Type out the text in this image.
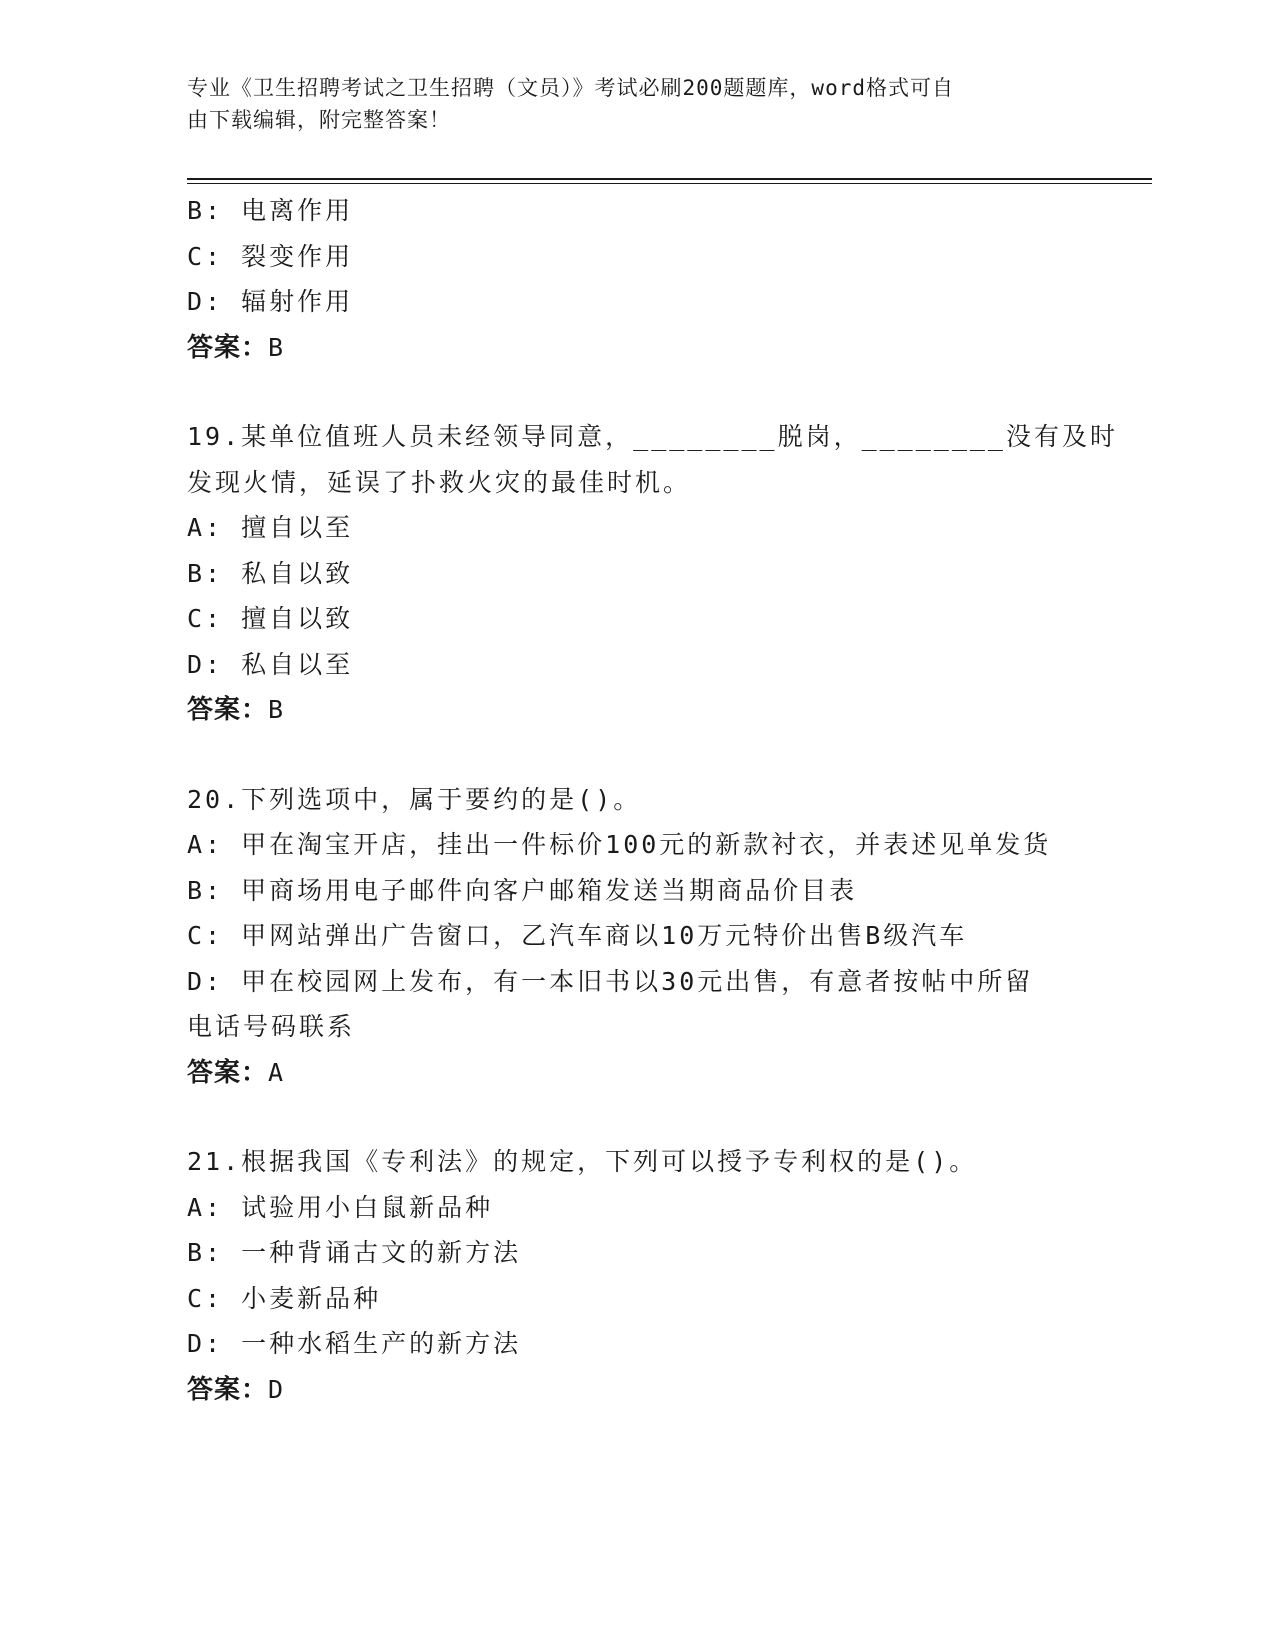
专业《卫生招聘考试之卫生招聘（文员）》考试必刷200题题库，word格式可自
由下载编辑，附完整答案！
B: 电离作用
C: 裂变作用
D: 辐射作用
答案：B
19.某单位值班人员未经领导同意，________脱岗，________没有及时
发现火情，延误了扑救火灾的最佳时机。
A: 擅自以至
B: 私自以致
C: 擅自以致
D: 私自以至
答案：B
20.下列选项中，属于要约的是()。
A: 甲在淘宝开店，挂出一件标价100元的新款衬衣，并表述见单发货
B: 甲商场用电子邮件向客户邮箱发送当期商品价目表
C: 甲网站弹出广告窗口，乙汽车商以10万元特价出售B级汽车
D: 甲在校园网上发布，有一本旧书以30元出售，有意者按帖中所留
电话号码联系
答案：A
21.根据我国《专利法》的规定，下列可以授予专利权的是()。
A: 试验用小白鼠新品种
B: 一种背诵古文的新方法
C: 小麦新品种
D: 一种水稻生产的新方法
答案：D
